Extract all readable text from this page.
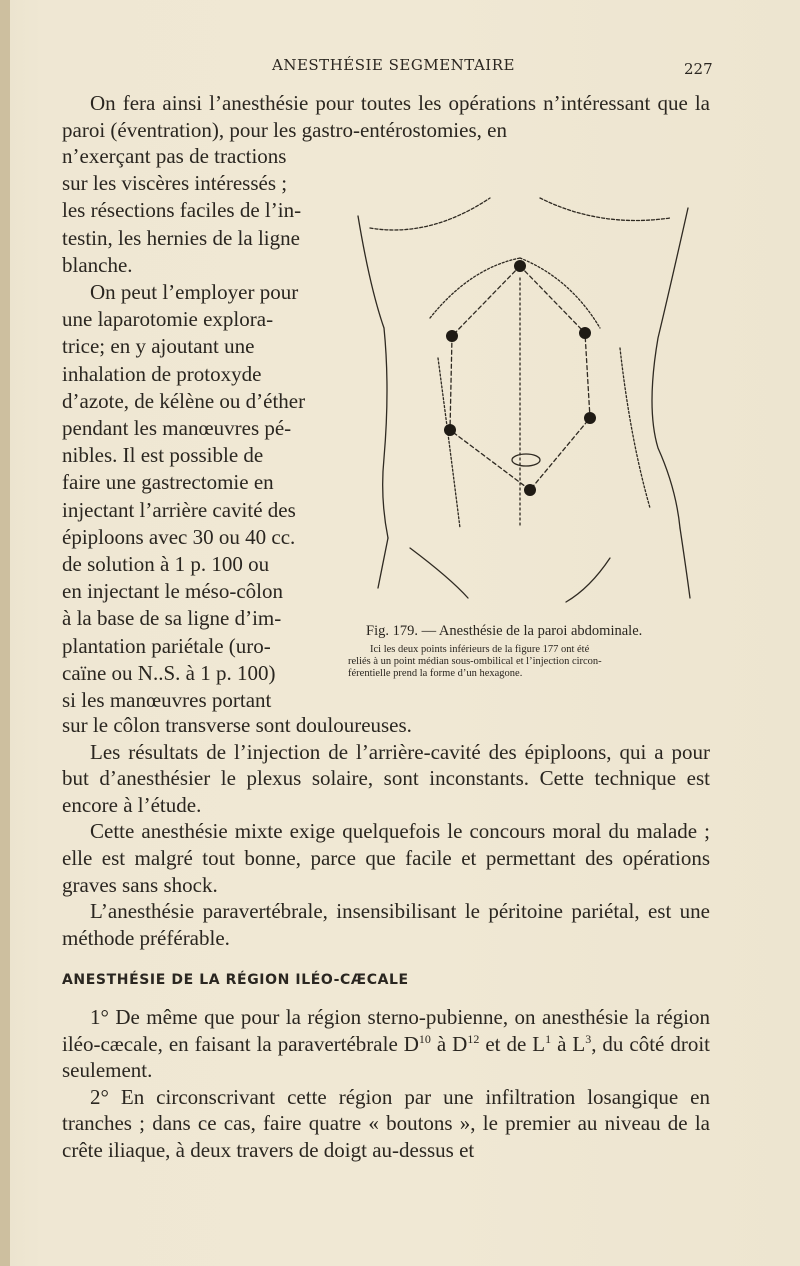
ANESTHÉSIE SEGMENTAIRE	227

On fera ainsi l’anesthésie pour toutes les opérations n’intéressant que la paroi (éventration), pour les gastro-entérostomies, en

n’exerçant pas de tractions
sur les viscères intéressés ;
les résections faciles de l’in-
testin, les hernies de la ligne
blanche.

On peut l’employer pour
une laparotomie explora-
trice; en y ajoutant une
inhalation de protoxyde
d’azote, de kélène ou d’éther
pendant les manœuvres pé-
nibles. Il est possible de
faire une gastrectomie en
injectant l’arrière cavité des
épiploons avec 30 ou 40 cc.
de solution à 1 p. 100 ou
en injectant le méso-côlon
à la base de sa ligne d’im-
plantation pariétale (uro-
caïne ou N..S. à 1 p. 100)
si les manœuvres portant

Fig. 179. — Anesthésie de la paroi abdominale.
Ici les deux points inférieurs de la figure 177 ont été
reliés à un point médian sous-ombilical et l’injection circon-
férentielle prend la forme d’un hexagone.

sur le côlon transverse sont douloureuses.

Les résultats de l’injection de l’arrière-cavité des épiploons, qui a pour but d’anesthésier le plexus solaire, sont inconstants. Cette technique est encore à l’étude.

Cette anesthésie mixte exige quelquefois le concours moral du malade ; elle est malgré tout bonne, parce que facile et permettant des opérations graves sans shock.

L’anesthésie paravertébrale, insensibilisant le péritoine pariétal, est une méthode préférable.

ANESTHÉSIE DE LA RÉGION ILÉO-CÆCALE

1° De même que pour la région sterno-pubienne, on anesthésie la région iléo-cæcale, en faisant la paravertébrale $D^{10}$ à $D^{12}$ et de $L^1$ à $L^3$, du côté droit seulement.

2° En circonscrivant cette région par une infiltration losangique en tranches ; dans ce cas, faire quatre « boutons », le premier au niveau de la crête iliaque, à deux travers de doigt au-dessus et
